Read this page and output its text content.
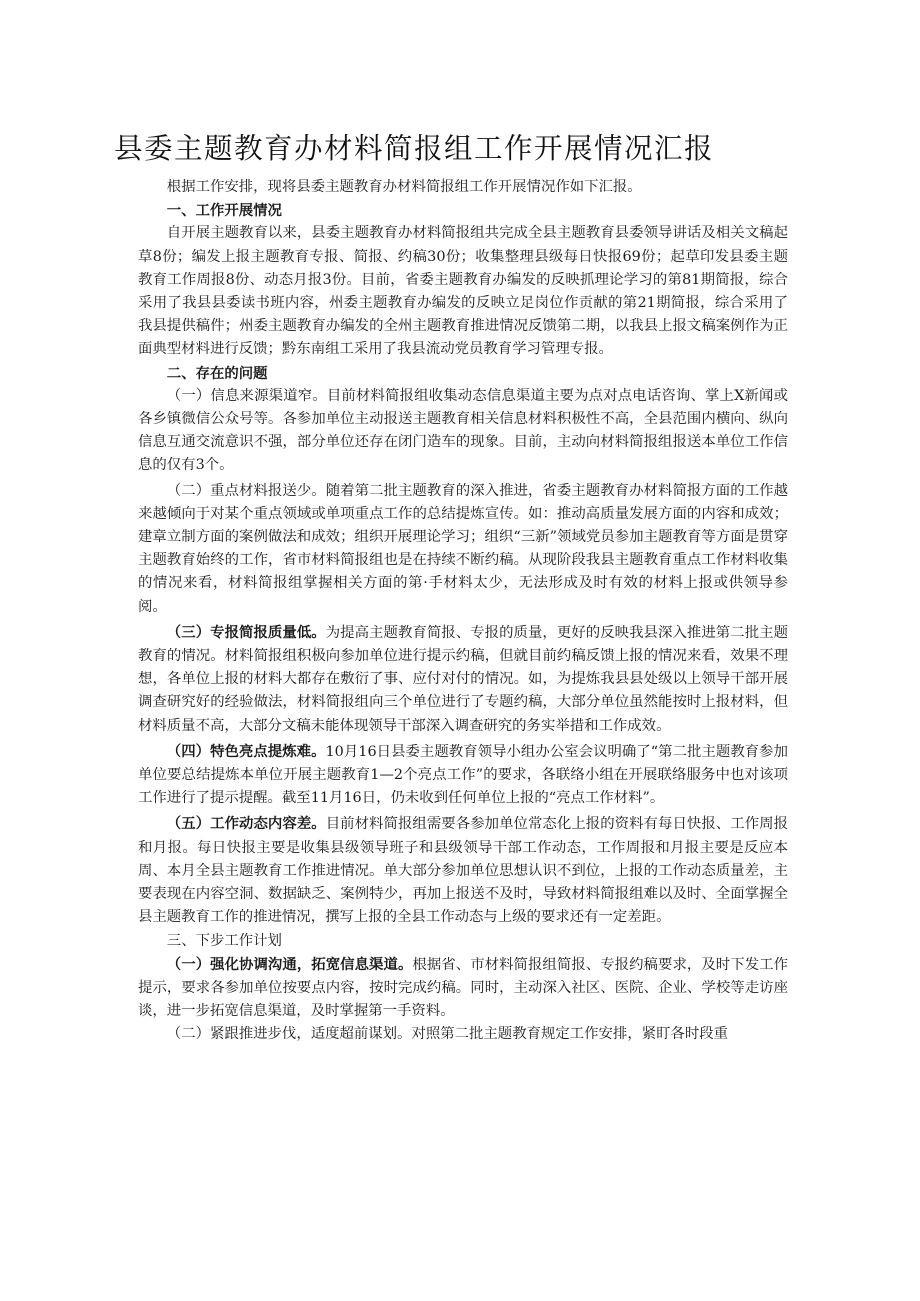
县委主题教育办材料简报组工作开展情况汇报

根据工作安排，现将县委主题教育办材料简报组工作开展情况作如下汇报。

一、工作开展情况

自开展主题教育以来，县委主题教育办材料简报组共完成全县主题教育县委领导讲话及相关文稿起草8份；编发上报主题教育专报、简报、约稿30份；收集整理县级每日快报69份；起草印发县委主题教育工作周报8份、动态月报3份。目前，省委主题教育办编发的反映抓理论学习的第81期简报，综合采用了我县县委读书班内容，州委主题教育办编发的反映立足岗位作贡献的第21期简报，综合采用了我县提供稿件；州委主题教育办编发的全州主题教育推进情况反馈第二期，以我县上报文稿案例作为正面典型材料进行反馈；黔东南组工采用了我县流动党员教育学习管理专报。

二、存在的问题

（一）信息来源渠道窄。目前材料简报组收集动态信息渠道主要为点对点电话咨询、掌上X新闻或各乡镇微信公众号等。各参加单位主动报送主题教育相关信息材料积极性不高，全县范围内横向、纵向信息互通交流意识不强，部分单位还存在闭门造车的现象。目前，主动向材料简报组报送本单位工作信息的仅有3个。

（二）重点材料报送少。随着第二批主题教育的深入推进，省委主题教育办材料简报方面的工作越来越倾向于对某个重点领域或单项重点工作的总结提炼宣传。如：推动高质量发展方面的内容和成效；建章立制方面的案例做法和成效；组织开展理论学习；组织“三新”领域党员参加主题教育等方面是贯穿主题教育始终的工作，省市材料简报组也是在持续不断约稿。从现阶段我县主题教育重点工作材料收集的情况来看，材料简报组掌握相关方面的第·手材料太少，无法形成及时有效的材料上报或供领导参阅。

（三）专报简报质量低。为提高主题教育简报、专报的质量，更好的反映我县深入推进第二批主题教育的情况。材料简报组积极向参加单位进行提示约稿，但就目前约稿反馈上报的情况来看，效果不理想，各单位上报的材料大都存在敷衍了事、应付对付的情况。如，为提炼我县县处级以上领导干部开展调查研究好的经验做法，材料简报组向三个单位进行了专题约稿，大部分单位虽然能按时上报材料，但材料质量不高，大部分文稿未能体现领导干部深入调查研究的务实举措和工作成效。

（四）特色亮点提炼难。10月16日县委主题教育领导小组办公室会议明确了“第二批主题教育参加单位要总结提炼本单位开展主题教育1—2个亮点工作”的要求，各联络小组在开展联络服务中也对该项工作进行了提示提醒。截至11月16日，仍未收到任何单位上报的“亮点工作材料”。

（五）工作动态内容差。目前材料简报组需要各参加单位常态化上报的资料有每日快报、工作周报和月报。每日快报主要是收集县级领导班子和县级领导干部工作动态，工作周报和月报主要是反应本周、本月全县主题教育工作推进情况。单大部分参加单位思想认识不到位，上报的工作动态质量差，主要表现在内容空洞、数据缺乏、案例特少，再加上报送不及时，导致材料简报组难以及时、全面掌握全县主题教育工作的推进情况，撰写上报的全县工作动态与上级的要求还有一定差距。

三、下步工作计划

（一）强化协调沟通，拓宽信息渠道。根据省、市材料简报组简报、专报约稿要求，及时下发工作提示，要求各参加单位按要点内容，按时完成约稿。同时，主动深入社区、医院、企业、学校等走访座谈，进一步拓宽信息渠道，及时掌握第一手资料。

（二）紧跟推进步伐，适度超前谋划。对照第二批主题教育规定工作安排，紧盯各时段重
